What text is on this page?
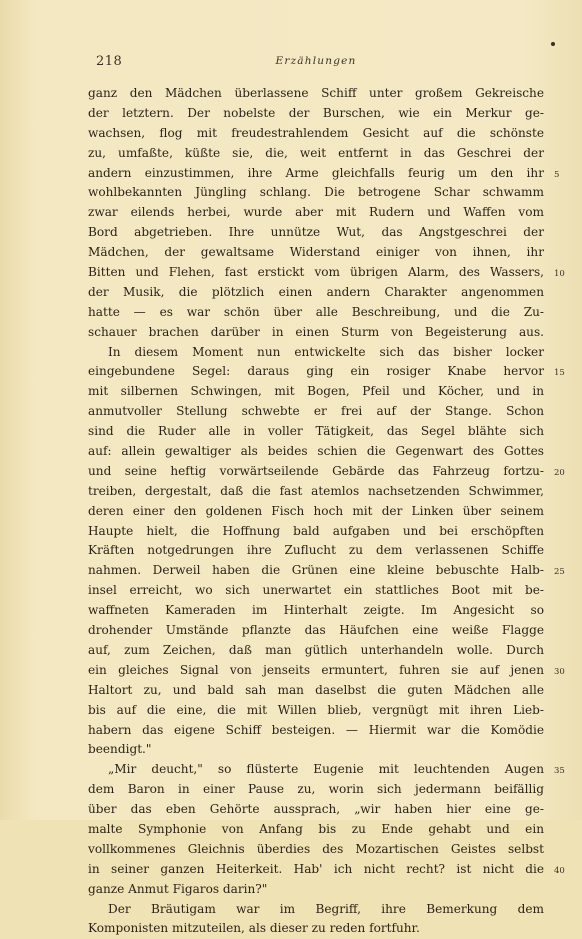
218	Erzählungen
ganz den Mädchen überlassene Schiff unter großem Gekreische
der letztern. Der nobelste der Burschen, wie ein Merkur ge-
wachsen, flog mit freudestrahlendem Gesicht auf die schönste
zu, umfaßte, küßte sie, die, weit entfernt in das Geschrei der
andern einzustimmen, ihre Arme gleichfalls feurig um den ihr 5
wohlbekannten Jüngling schlang. Die betrogene Schar schwamm
zwar eilends herbei, wurde aber mit Rudern und Waffen vom
Bord abgetrieben. Ihre unnütze Wut, das Angstgeschrei der
Mädchen, der gewaltsame Widerstand einiger von ihnen, ihr
Bitten und Flehen, fast erstickt vom übrigen Alarm, des Wassers, 10
der Musik, die plötzlich einen andern Charakter angenommen
hatte — es war schön über alle Beschreibung, und die Zu-
schauer brachen darüber in einen Sturm von Begeisterung aus.
In diesem Moment nun entwickelte sich das bisher locker
eingebundene Segel: daraus ging ein rosiger Knabe hervor 15
mit silbernen Schwingen, mit Bogen, Pfeil und Köcher, und in
anmutvoller Stellung schwebte er frei auf der Stange. Schon
sind die Ruder alle in voller Tätigkeit, das Segel blähte sich
auf: allein gewaltiger als beides schien die Gegenwart des Gottes
und seine heftig vorwärtseilende Gebärde das Fahrzeug fortzu- 20
treiben, dergestalt, daß die fast atemlos nachsetzenden Schwimmer,
deren einer den goldenen Fisch hoch mit der Linken über seinem
Haupte hielt, die Hoffnung bald aufgaben und bei erschöpften
Kräften notgedrungen ihre Zuflucht zu dem verlassenen Schiffe
nahmen. Derweil haben die Grünen eine kleine bebuschte Halb- 25
insel erreicht, wo sich unerwartet ein stattliches Boot mit be-
waffneten Kameraden im Hinterhalt zeigte. Im Angesicht so
drohender Umstände pflanzte das Häufchen eine weiße Flagge
auf, zum Zeichen, daß man gütlich unterhandeln wolle. Durch
ein gleiches Signal von jenseits ermuntert, fuhren sie auf jenen 30
Haltort zu, und bald sah man daselbst die guten Mädchen alle
bis auf die eine, die mit Willen blieb, vergnügt mit ihren Lieb-
habern das eigene Schiff besteigen. — Hiermit war die Komödie
beendigt."
„Mir deucht," so flüsterte Eugenie mit leuchtenden Augen 35
dem Baron in einer Pause zu, worin sich jedermann beifällig
über das eben Gehörte aussprach, „wir haben hier eine ge-
malte Symphonie von Anfang bis zu Ende gehabt und ein
vollkommenes Gleichnis überdies des Mozartischen Geistes selbst
in seiner ganzen Heiterkeit. Hab' ich nicht recht? ist nicht die 40
ganze Anmut Figaros darin?"
Der Bräutigam war im Begriff, ihre Bemerkung dem
Komponisten mitzuteilen, als dieser zu reden fortfuhr.
